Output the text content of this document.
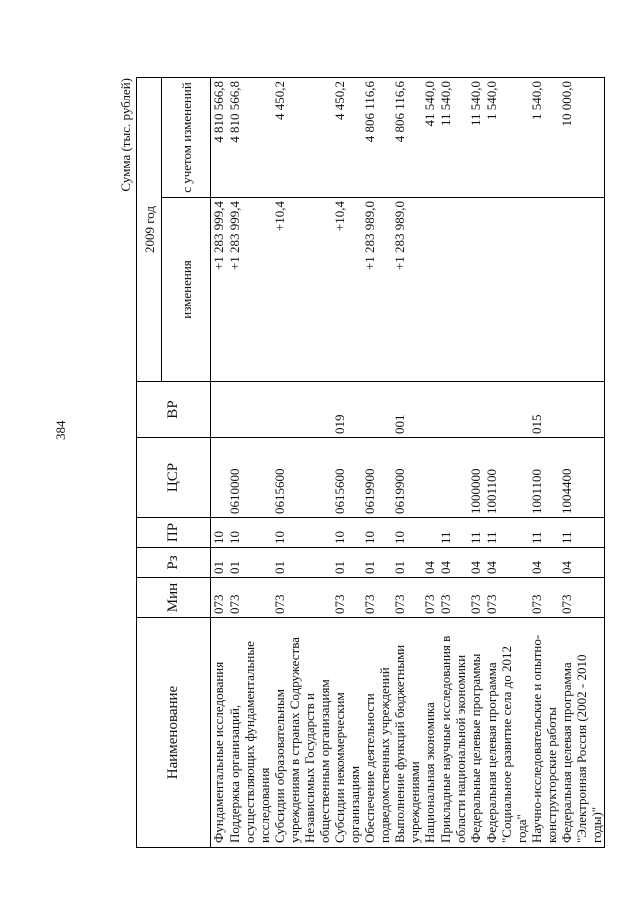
384
Сумма (тыс. рублей)
Наименование	Мин	Рз	ПР	ЦСР	ВР	2009 год	
						изменения	с учетом изменений
Фундаментальные исследования	073	01	10			+1 283 999,4	4 810 566,8
Поддержка организаций, осуществляющих фундаментальные исследования	073	01	10	0610000		+1 283 999,4	4 810 566,8
Субсидии образовательным учреждениям в странах Содружества Независимых Государств и общественным организациям	073	01	10	0615600		+10,4	4 450,2
Субсидии некоммерческим организациям	073	01	10	0615600	019	+10,4	4 450,2
Обеспечение деятельности подведомственных учреждений	073	01	10	0619900		+1 283 989,0	4 806 116,6
Выполнение функций бюджетными учреждениями	073	01	10	0619900	001	+1 283 989,0	4 806 116,6
Национальная экономика	073	04					41 540,0
Прикладные научные исследования в области национальной экономики	073	04	11				11 540,0
Федеральные целевые программы	073	04	11	1000000			11 540,0
Федеральная целевая программа "Социальное развитие села до 2012 года"	073	04	11	1001100			1 540,0
Научно-исследовательские и опытно-конструкторские работы	073	04	11	1001100	015		1 540,0
Федеральная целевая программа "Электронная Россия (2002 - 2010 годы)"	073	04	11	1004400			10 000,0
